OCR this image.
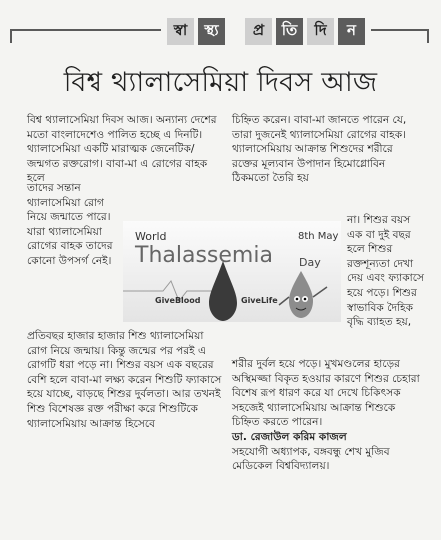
স্বা	স্থ্য	প্র	তি	দি	ন
বিশ্ব থ্যালাসেমিয়া দিবস আজ

বিশ্ব থ্যালাসেমিয়া দিবস আজ। অন্যান্য দেশের মতো বাংলাদেশেও পালিত হচ্ছে এ দিনটি। থ্যালাসেমিয়া একটি মারাত্মক জেনেটিক/ জন্মগত রক্তরোগ। বাবা-মা এ রোগের বাহক হলে

তাদের সন্তান থ্যালাসেমিয়া রোগ নিয়ে জন্মাতে পারে। যারা থ্যালাসেমিয়া রোগের বাহক তাদের কোনো উপসর্গ নেই।

World	8th May
Thalassemia Day
GiveBlood	GiveLife

প্রতিবছর হাজার হাজার শিশু থ্যালাসেমিয়া রোগ নিয়ে জন্মায়। কিন্তু জন্মের পর পরই এ রোগটি ধরা পড়ে না। শিশুর বয়স এক বছরের বেশি হলে বাবা-মা লক্ষ্য করেন শিশুটি ফ্যাকাসে হয়ে যাচ্ছে, বাড়ছে শিশুর দুর্বলতা। আর তখনই শিশু বিশেষজ্ঞ রক্ত পরীক্ষা করে শিশুটিকে থ্যালাসেমিয়ায় আক্রান্ত হিসেবে

চিহ্নিত করেন। বাবা-মা জানতে পারেন যে, তারা দুজনেই থ্যালাসেমিয়া রোগের বাহক। থ্যালাসেমিয়ায় আক্রান্ত শিশুদের শরীরে রক্তের মূল্যবান উপাদান হিমোগ্লোবিন ঠিকমতো তৈরি হয়

না। শিশুর বয়স এক বা দুই বছর হলে শিশুর রক্তশূন্যতা দেখা দেয় এবং ফ্যাকাসে হয়ে পড়ে। শিশুর স্বাভাবিক দৈহিক বৃদ্ধি ব্যাহত হয়,

শরীর দুর্বল হয়ে পড়ে। মুখমণ্ডলের হাড়ের অস্থিমজ্জা বিকৃত হওয়ার কারণে শিশুর চেহারা বিশেষ রূপ ধারণ করে যা দেখে চিকিৎসক সহজেই থ্যালাসেমিয়ায় আক্রান্ত শিশুকে চিহ্নিত করতে পারেন।

ডা. রেজাউল করিম কাজল

সহযোগী অধ্যাপক, বঙ্গবন্ধু শেখ মুজিব মেডিকেল বিশ্ববিদ্যালয়।
